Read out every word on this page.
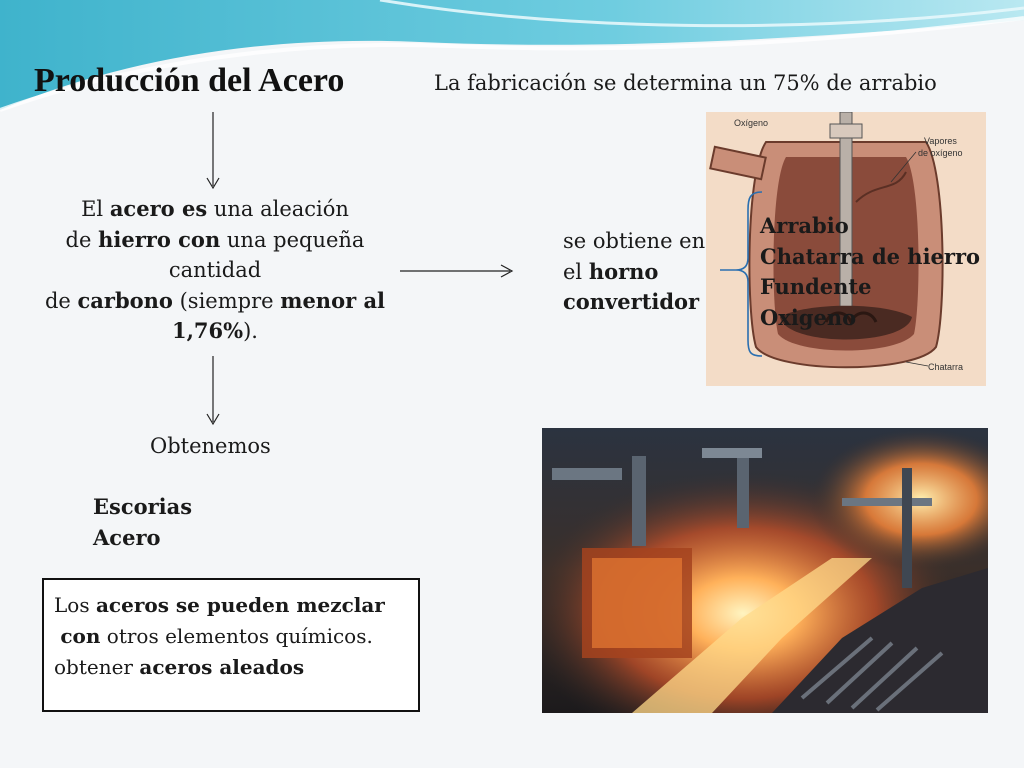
Producción del Acero	La fabricación se determina un 75% de arrabio
El acero es una aleación
de hierro con una pequeña cantidad
de carbono (siempre menor al 1,76%).
se obtiene en
el horno
convertidor
Oxígeno
Vapores
de oxígeno
Chatarra
Arrabio
Chatarra de hierro
Fundente
Oxigeno
Obtenemos
Escorias
Acero
Los aceros se pueden mezclar
con otros elementos químicos.
obtener aceros aleados
